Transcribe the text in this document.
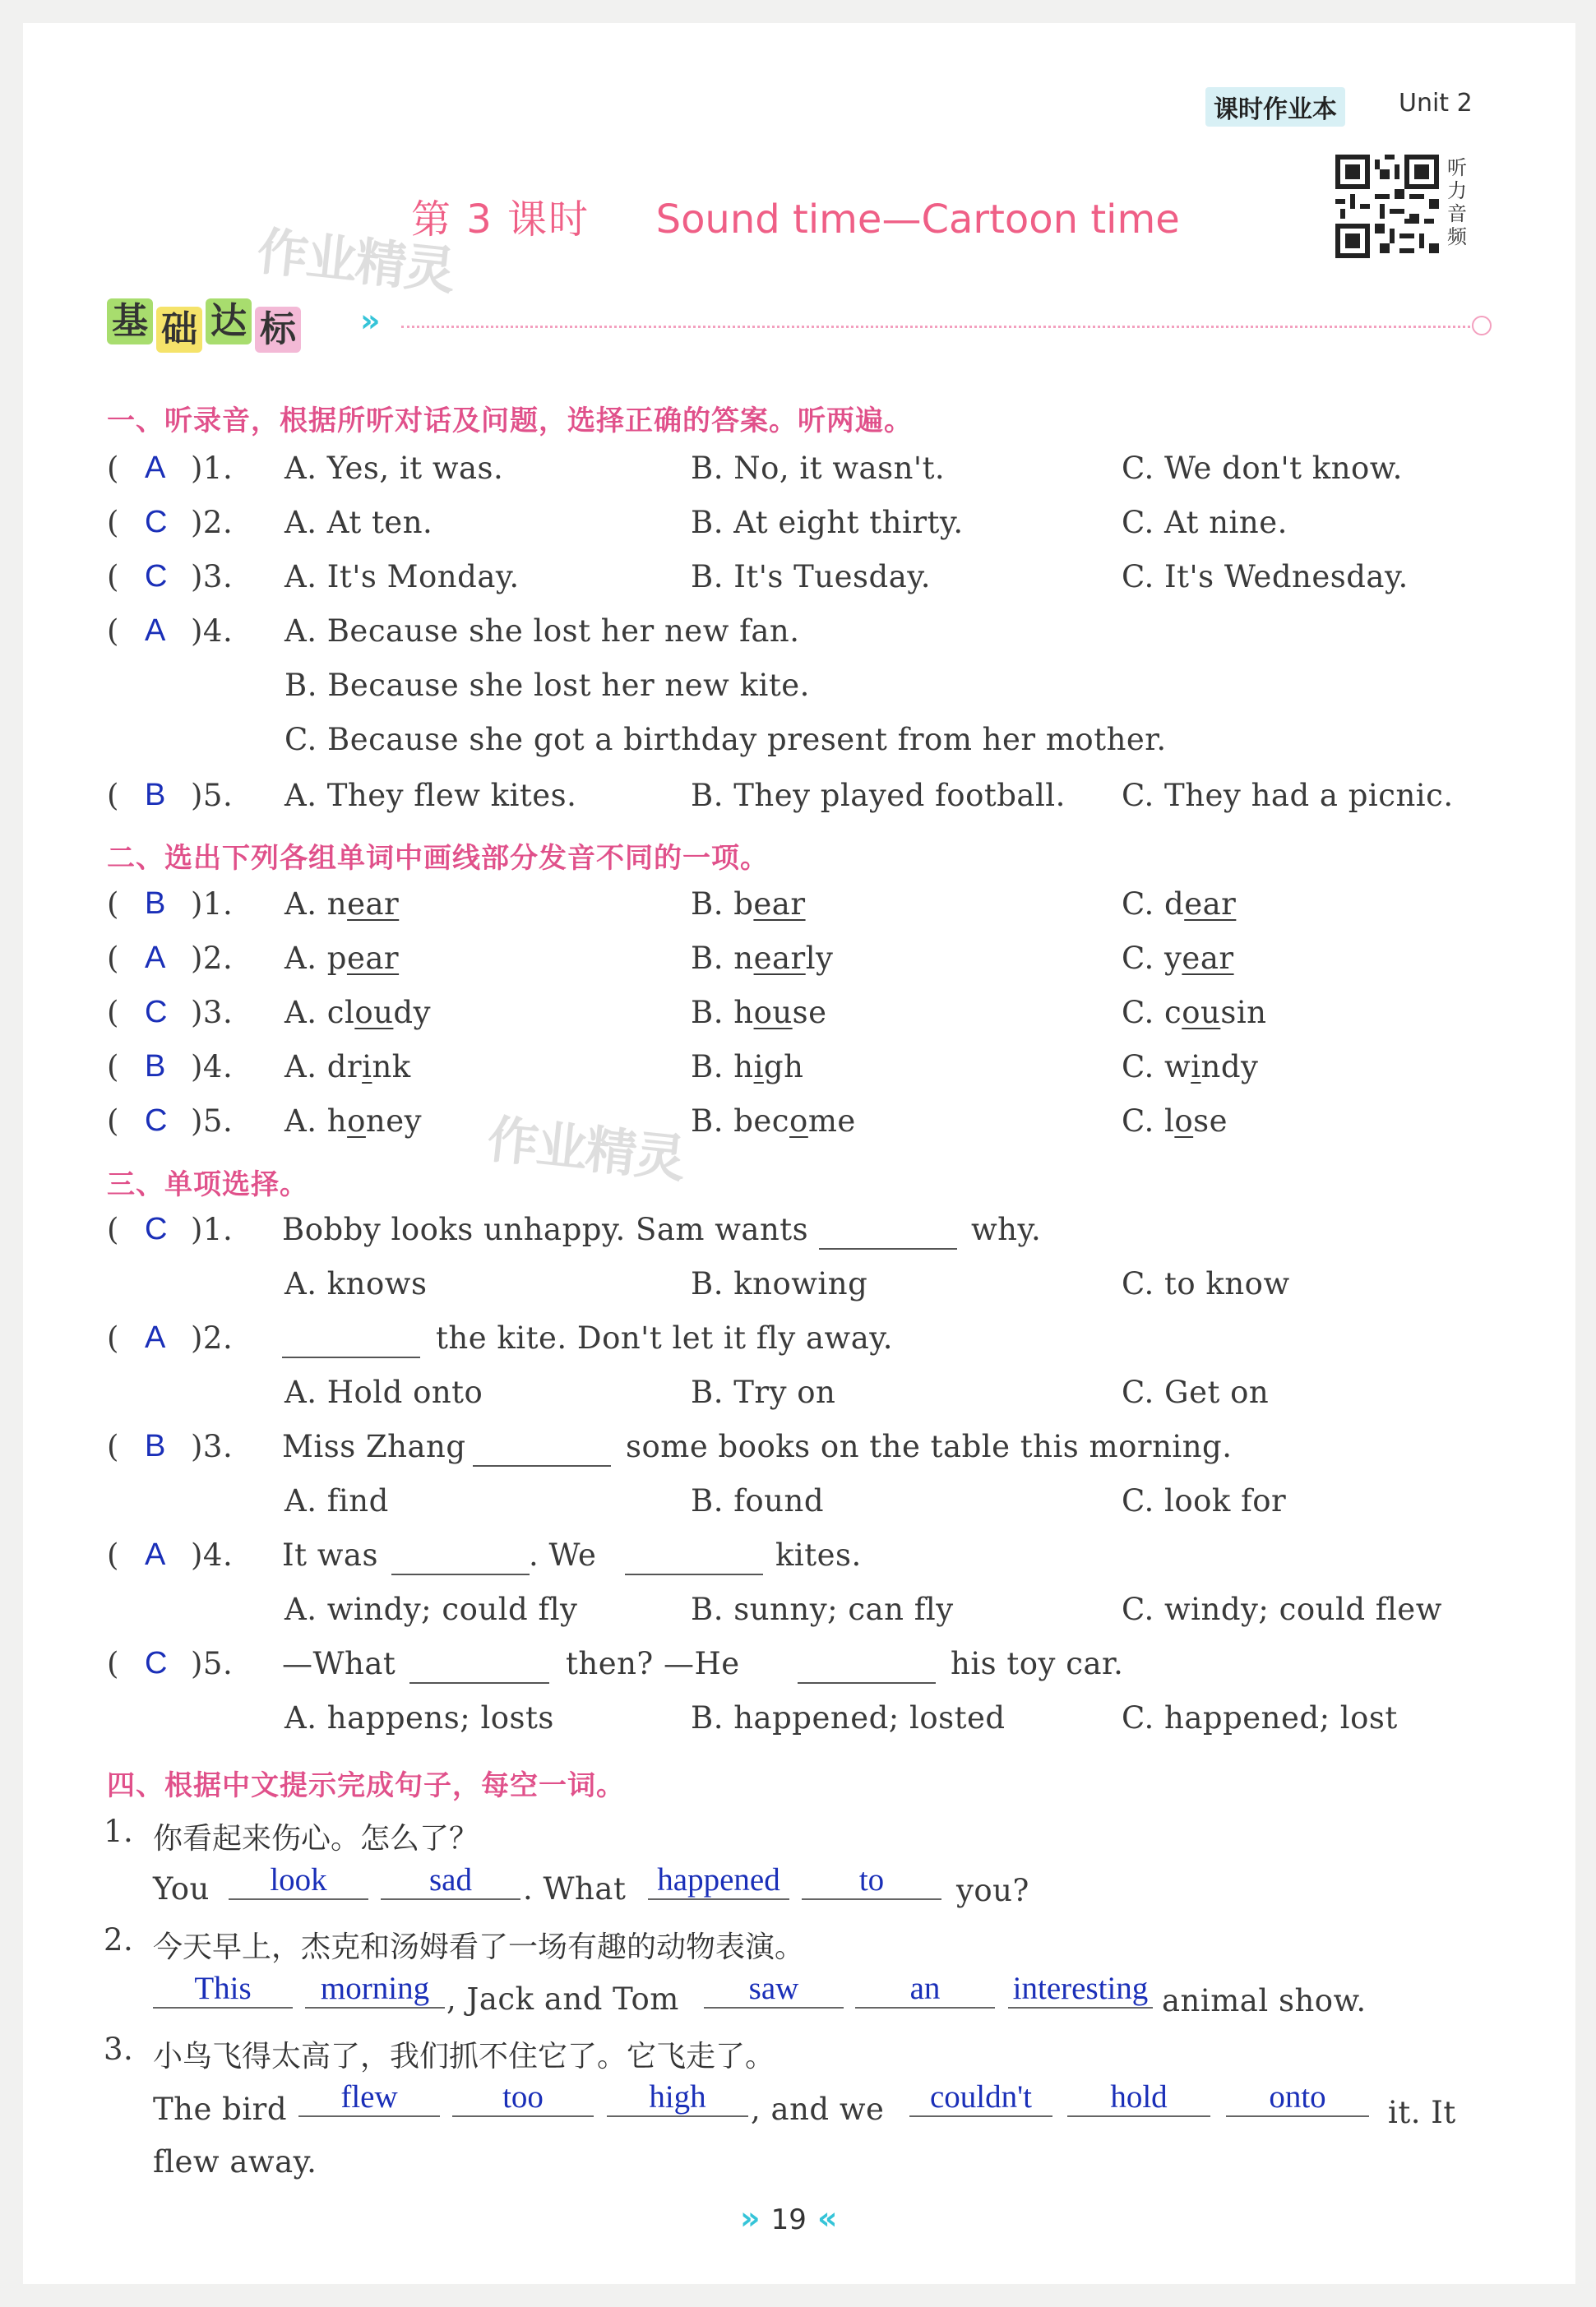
课时作业本	Unit 2
第 3 课时 Sound time—Cartoon time
听
力
音
频
作业精灵
作业精灵
基 础 达 标 »
一、听录音，根据所听对话及问题，选择正确的答案。听两遍。
( A )1. A. Yes, it was.	B. No, it wasn't.	C. We don't know.
( C )2. A. At ten.	B. At eight thirty.	C. At nine.
( C )3. A. It's Monday.	B. It's Tuesday.	C. It's Wednesday.
( A )4. A. Because she lost her new fan.
B. Because she lost her new kite.
C. Because she got a birthday present from her mother.
( B )5. A. They flew kites.	B. They played football. C. They had a picnic.
二、选出下列各组单词中画线部分发音不同的一项。
( B )1. A. near	B. bear	C. dear
( A )2. A. pear	B. nearly	C. year
( C )3. A. cloudy	B. house	C. cousin
( B )4. A. drink	B. high	C. windy
( C )5. A. honey	B. become	C. lose
三、单项选择。
( C )1. Bobby looks unhappy. Sam wants	why.
A. knows	B. knowing	C. to know
( A )2.	the kite. Don't let it fly away.
A. Hold onto	B. Try on	C. Get on
( B )3. Miss Zhang	some books on the table this morning.
A. find	B. found	C. look for
( A )4. It was	. We	kites.
A. windy; could fly	B. sunny; can fly	C. windy; could flew
( C )5. —What	then? —He	his toy car.
A. happens; losts	B. happened; losted	C. happened; lost
四、根据中文提示完成句子，每空一词。
1. 你看起来伤心。怎么了？
You	look	sad	. What happened	to	you?
2. 今天早上，杰克和汤姆看了一场有趣的动物表演。
This	morning , Jack and Tom	saw	an	interesting animal show.
3. 小鸟飞得太高了，我们抓不住它了。它飞走了。
The bird	flew	too	high	, and we	couldn't	hold	onto	it. It
flew away.
» 19 «
